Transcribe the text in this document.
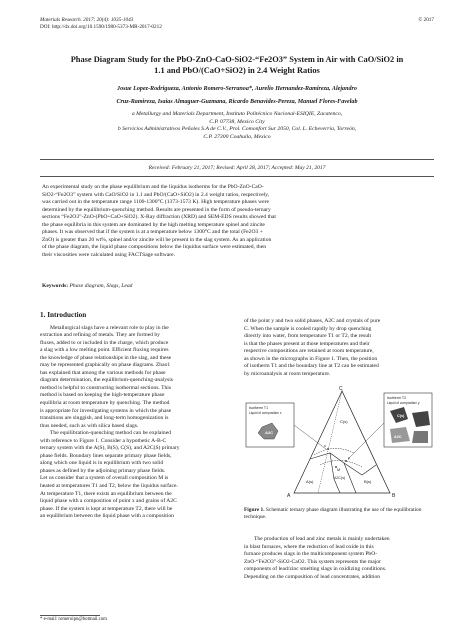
Materials Research. 2017; 20(4): 1035-1043
DOI: http://dx.doi.org/10.1590/1980-5373-MR-2017-0212
© 2017
Phase Diagram Study for the PbO-ZnO-CaO-SiO2-“Fe2O3” System in Air with CaO/SiO2 in
1.1 and PbO/(CaO+SiO2) in 2.4 Weight Ratios
Josue Lopez-Rodrigueza, Antonio Romero-Serranoa*, Aurelio Hernandez-Ramireza, Alejandro
Cruz-Ramireza, Isaias Almaguer-Guzmana, Ricardo Benavides-Pereza, Manuel Flores-Favelab
a Metallurgy and Materials Department, Instituto Politécnico Nacional-ESIQIE, Zacatenco,
C.P. 07738, Mexico City
b Servicios Administrativos Peñoles S.A de C.V., Prol. Comonfort Sur 2050, Col. L. Echeverría, Torreón,
C.P. 27300 Coahuila, Mexico
Received: February 21, 2017; Revised: April 28, 2017; Accepted: May 21, 2017
An experimental study on the phase equilibrium and the liquidus isotherms for the PbO-ZnO-CaO-
SiO2-“Fe2O3” system with CaO/SiO2 in 1.1 and PbO/(CaO+SiO2) in 2.4 weight ratios, respectively,
was carried out in the temperature range 1100-1300°C (1373-1573 K). High temperature phases were
determined by the equilibrium-quenching method. Results are presented in the form of pseudo-ternary
sections “Fe2O3”-ZnO-(PbO+CaO+SiO2). X-Ray diffraction (XRD) and SEM-EDS results showed that
the phase equilibria in this system are dominated by the high melting temperature spinel and zincite
phases. It was observed that if the system is at a temperature below 1300°C and the total (Fe2O3 +
ZnO) is greater than 20 wt%, spinel and/or zincite will be present in the slag system. As an application
of the phase diagram, the liquid phase compositions below the liquidus surface were estimated, then
their viscosities were calculated using FACTSage software.
Keywords: Phase diagram, Slags, Lead
1. Introduction
Metallurgical slags have a relevant role to play in the
extraction and refining of metals. They are formed by
fluxes, added to or included in the charge, which produce
a slag with a low melting point. Efficient fluxing requires
the knowledge of phase relationships in the slag, and these
may be represented graphically on phase diagrams. Zhao1
has explained that among the various methods for phase
diagram determination, the equilibrium-quenching-analysis
method is helpful to constructing isothermal sections. This
method is based on keeping the high-temperature phase
equilibria at room temperature by quenching. The method
is appropriate for investigating systems in which the phase
transitions are sluggish, and long-term homogenization is
thus needed, such as with silica based slags.
The equilibration-quenching method can be explained
with reference to Figure 1. Consider a hypothetic A-B-C
ternary system with the A(S), B(S), C(S), and A2C(S) primary
phase fields. Boundary lines separate primary phase fields,
along which one liquid is in equilibrium with two solid
phases as defined by the adjoining primary phase fields.
Let us consider that a system of overall composition M is
heated at temperatures T1 and T2, below the liquidus surface.
At temperature T1, there exists an equilibrium between the
liquid phase with a composition of point x and grains of A2C
phase. If the system is kept at temperature T2, there will be
an equilibrium between the liquid phase with a composition
* e-mail: romeroipn@hotmail.com
of the point y and two solid phases, A2C and crystals of pure
C. When the sample is cooled rapidly by drop quenching
directly into water, from temperature T1 or T2, the result
is that the phases present at those temperatures and their
respective compositions are retained at room temperature,
as shown in the micrographs in Figure 1. Then, the position
of isotherm T1 and the boundary line at T2 can be estimated
by microanalysis at room temperature.
Isotherm T1
Liquid of composition x
A2C
Isotherm T2
Liquid of composition y
C(s)
A2C
C
A	B
x
y
M
A(s)	B(s)
A2C(s)
C(s)
Figure 1. Schematic ternary phase diagram illustrating the use of the equilibration technique.
The production of lead and zinc metals is mainly undertaken
in blast furnaces, where the reduction of lead oxide in this
furnace produces slags in the multicomponent system PbO-
ZnO-“Fe2O3”-SiO2-CaO2. This system represents the major
components of lead/zinc smelting slags in oxidizing conditions.
Depending on the composition of lead concentrates, addition
